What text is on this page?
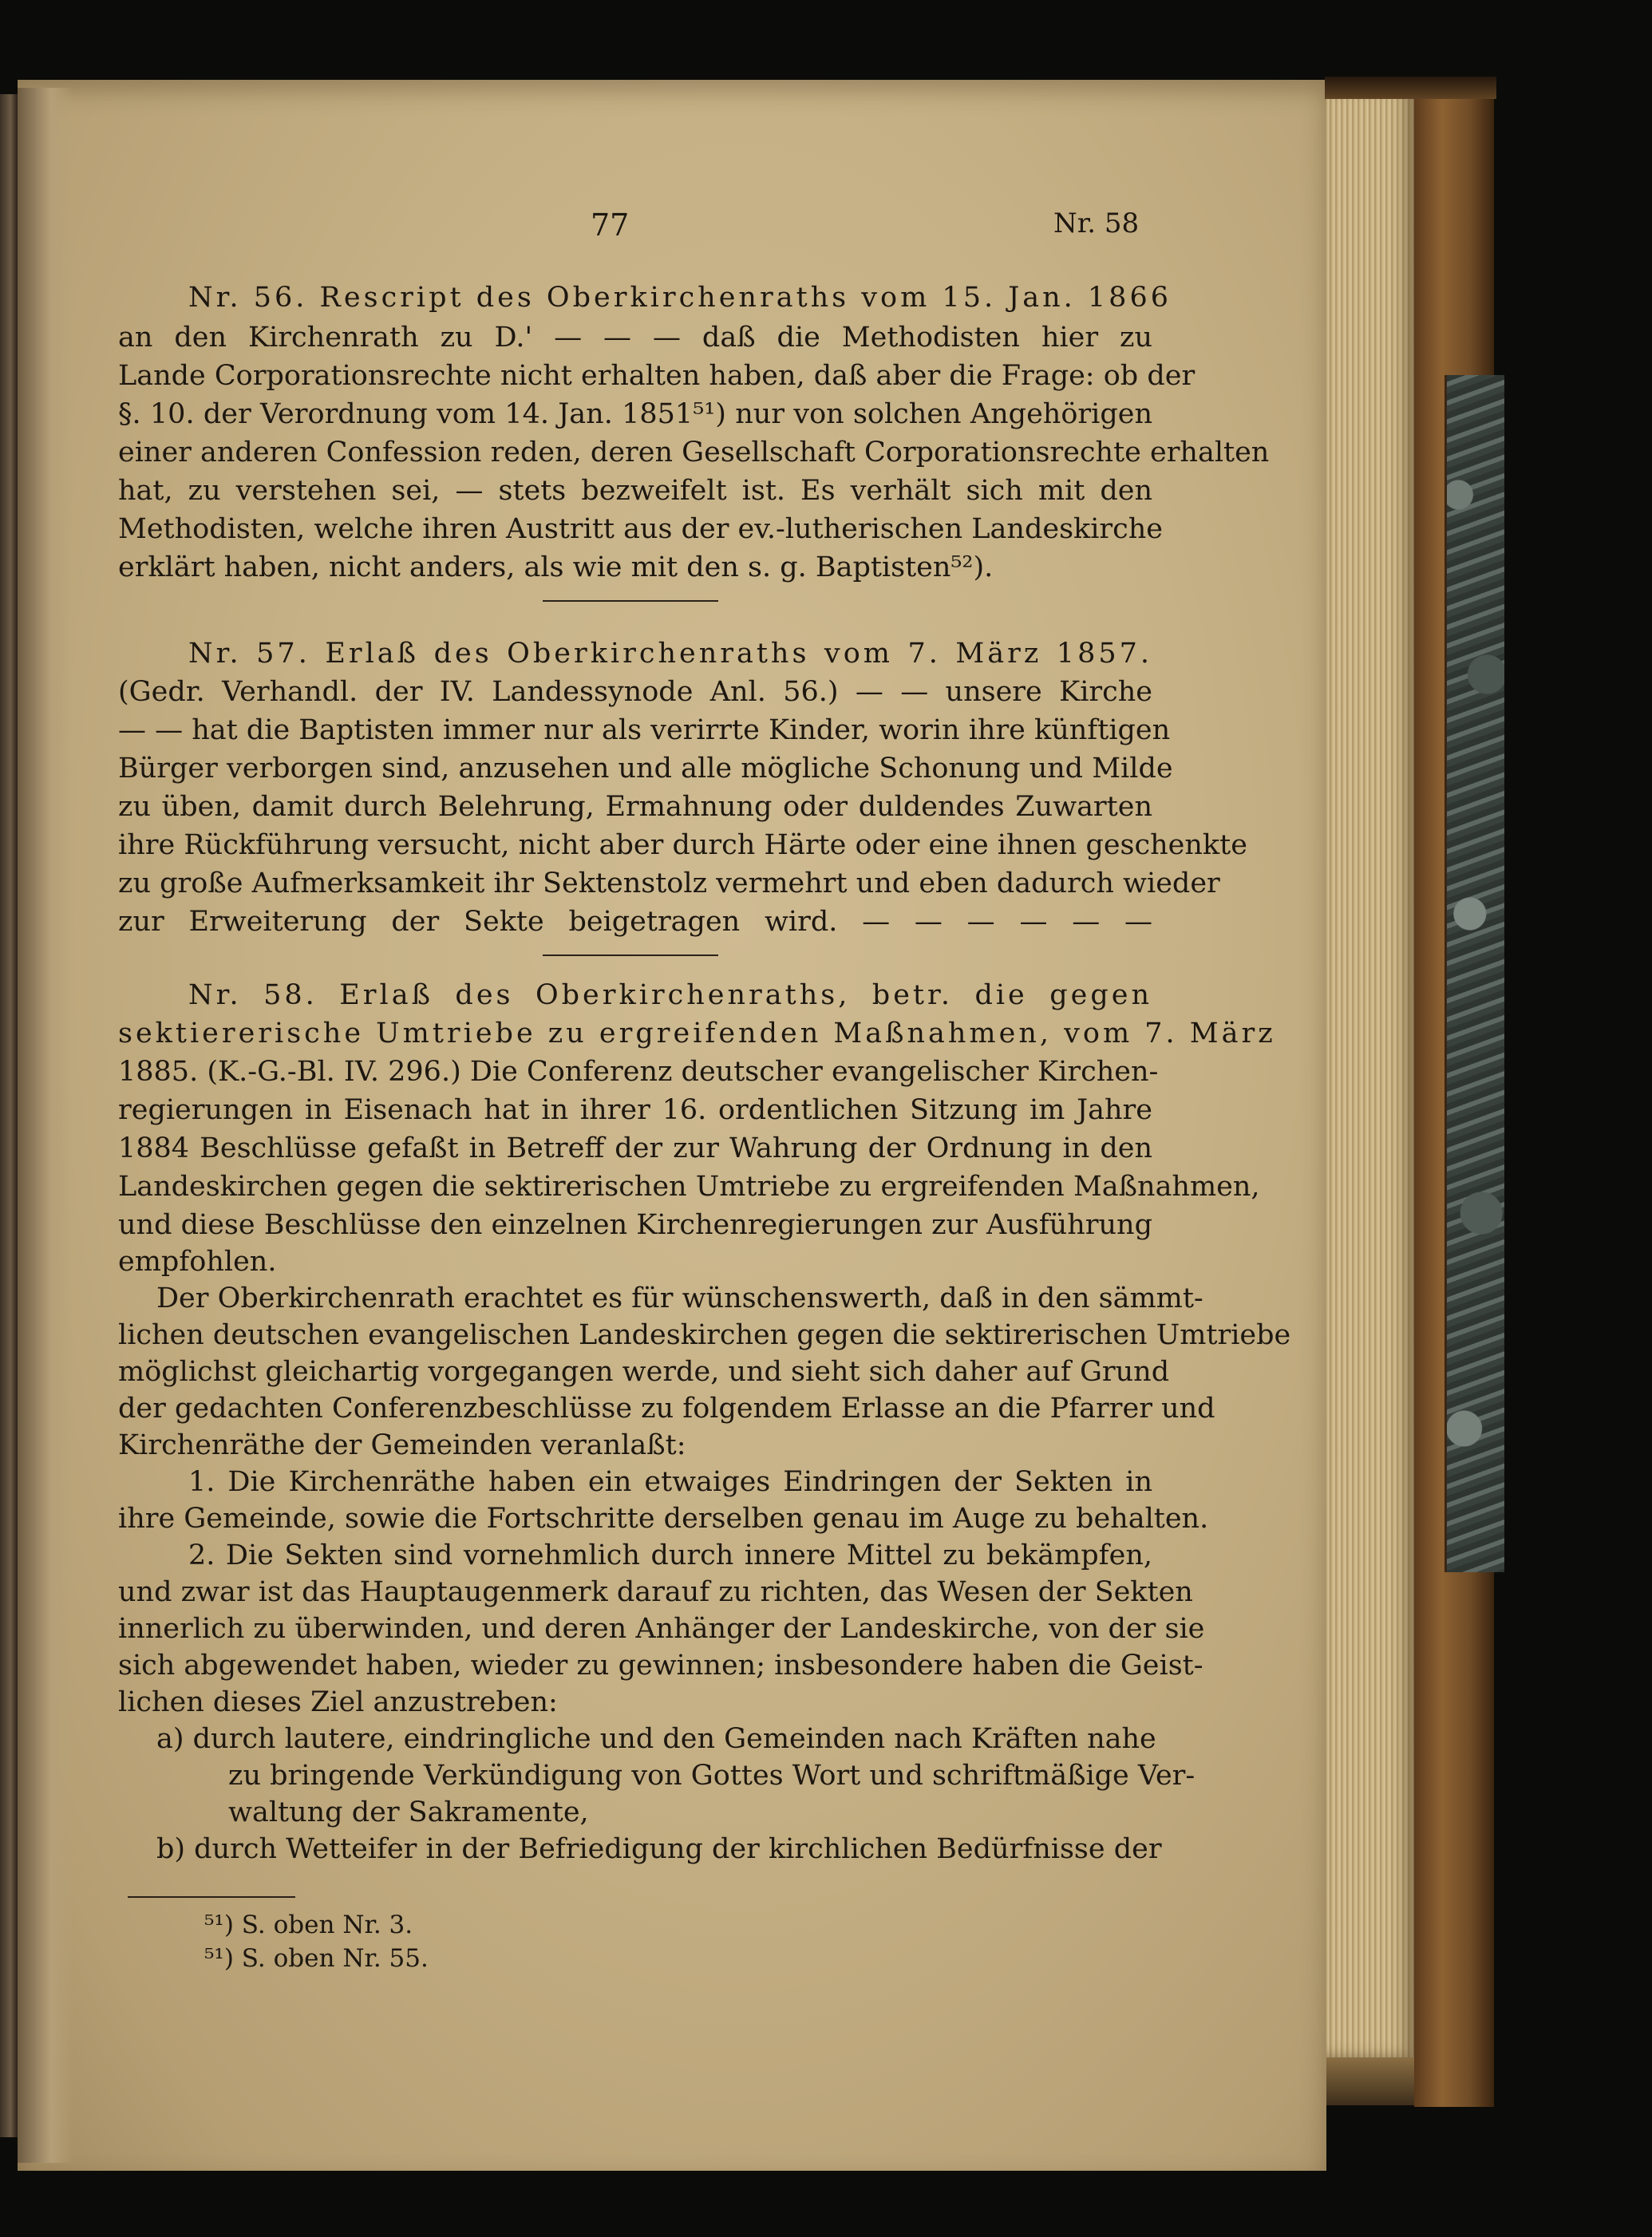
77	Nr. 58
Nr. 56. Rescript des Oberkirchenraths vom 15. Jan. 1866
an den Kirchenrath zu D.' — — — daß die Methodisten hier zu
Lande Corporationsrechte nicht erhalten haben, daß aber die Frage: ob der
§. 10. der Verordnung vom 14. Jan. 1851⁵¹) nur von solchen Angehörigen
einer anderen Confession reden, deren Gesellschaft Corporationsrechte erhalten
hat, zu verstehen sei, — stets bezweifelt ist. Es verhält sich mit den
Methodisten, welche ihren Austritt aus der ev.-lutherischen Landeskirche
erklärt haben, nicht anders, als wie mit den s. g. Baptisten⁵²).
Nr. 57. Erlaß des Oberkirchenraths vom 7. März 1857.
(Gedr. Verhandl. der IV. Landessynode Anl. 56.) — — unsere Kirche
— — hat die Baptisten immer nur als verirrte Kinder, worin ihre künftigen
Bürger verborgen sind, anzusehen und alle mögliche Schonung und Milde
zu üben, damit durch Belehrung, Ermahnung oder duldendes Zuwarten
ihre Rückführung versucht, nicht aber durch Härte oder eine ihnen geschenkte
zu große Aufmerksamkeit ihr Sektenstolz vermehrt und eben dadurch wieder
zur Erweiterung der Sekte beigetragen wird. — — — — — —
Nr. 58. Erlaß des Oberkirchenraths, betr. die gegen
sektiererische Umtriebe zu ergreifenden Maßnahmen, vom 7. März
1885. (K.-G.-Bl. IV. 296.) Die Conferenz deutscher evangelischer Kirchen-
regierungen in Eisenach hat in ihrer 16. ordentlichen Sitzung im Jahre
1884 Beschlüsse gefaßt in Betreff der zur Wahrung der Ordnung in den
Landeskirchen gegen die sektirerischen Umtriebe zu ergreifenden Maßnahmen,
und diese Beschlüsse den einzelnen Kirchenregierungen zur Ausführung
empfohlen.
Der Oberkirchenrath erachtet es für wünschenswerth, daß in den sämmt-
lichen deutschen evangelischen Landeskirchen gegen die sektirerischen Umtriebe
möglichst gleichartig vorgegangen werde, und sieht sich daher auf Grund
der gedachten Conferenzbeschlüsse zu folgendem Erlasse an die Pfarrer und
Kirchenräthe der Gemeinden veranlaßt:
1. Die Kirchenräthe haben ein etwaiges Eindringen der Sekten in
ihre Gemeinde, sowie die Fortschritte derselben genau im Auge zu behalten.
2. Die Sekten sind vornehmlich durch innere Mittel zu bekämpfen,
und zwar ist das Hauptaugenmerk darauf zu richten, das Wesen der Sekten
innerlich zu überwinden, und deren Anhänger der Landeskirche, von der sie
sich abgewendet haben, wieder zu gewinnen; insbesondere haben die Geist-
lichen dieses Ziel anzustreben:
a) durch lautere, eindringliche und den Gemeinden nach Kräften nahe
zu bringende Verkündigung von Gottes Wort und schriftmäßige Ver-
waltung der Sakramente,
b) durch Wetteifer in der Befriedigung der kirchlichen Bedürfnisse der
⁵¹) S. oben Nr. 3.
⁵¹) S. oben Nr. 55.
